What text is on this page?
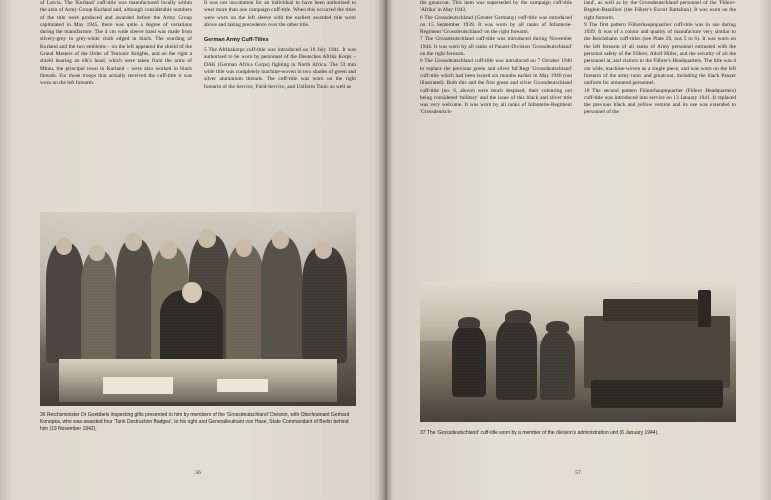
of Latvia. The 'Kurland' cuff-title was manufactured locally within the area of Army Group Kurland and, although considerable numbers of the title were produced and awarded before the Army Group capitulated in May 1945, there was quite a degree of variations during the manufacture. The 4 cm wide sleeve band was made from silvery-grey to grey-white cloth edged in black. The wording of Kurland and the two emblems – on the left appeared the shield of the Grand Masters of the Order of Teutonic Knights, and on the right a shield bearing an elk's head, which were taken from the arms of Mitau, the principal town in Kurland – were also worked in black threads. For those troops that actually received the cuff-title it was worn on the left forearm.

It was not uncommon for an individual to have been authorised to wear more than one campaign cuff-title. When this occurred the titles were worn on the left sleeve with the earliest awarded title worn above and taking precedence over the other title.

German Army Cuff-Titles

5 The Afrikakorps cuff-title was introduced on 18 July 1941. It was authorised to be worn by personnel of the Deutsches Afrika Korps – DAK (German Africa Corps) fighting in North Africa. The 33 mm wide title was completely machine-woven in two shades of green and silver aluminium threads. The cuff-title was worn on the right forearm of the Service, Field-Service, and Uniform Tunic as well as

36 Reichsminister Dr Goebbels inspecting gifts presented to him by members of the 'Grossdeutschland' Division, with Oberleutnant Gerhard Konopka, who was awarded four 'Tank Destruction Badges', to his right and Generalleutnant von Hase, State Commandant of Berlin behind him (19 November 1942).
56

the greatcoat. This item was superseded by the campaign cuff-title 'Afrika' in May 1943.

6 The Grossdeutschland (Greater Germany) cuff-title was introduced on 15 September 1939. It was worn by all ranks of Infanterie-Regiment 'Grossdeutschland' on the right forearm.

7 The Grossdeutschland cuff-title was introduced during November 1944. It was worn by all ranks of Panzer-Division 'Grossdeutschland' on the right forearm.

8 The Grossdeutschland cuff-title was introduced on 7 October 1940 to replace the previous green and silver Inf.Regt 'Grossdeutschland' cuff-title which had been issued six months earlier in May 1940 (not illustrated). Both this and the first green and silver Grossdeutschland cuff-title (no. 6, above) were much despised, their colouring not being considered 'military' and the issue of this black and silver title was very welcome. It was worn by all ranks of Infanterie-Regiment 'Grossdeutsch-

land', as well as by the Grossdeutschland personnel of the 'Führer-Begleit-Bataillon' (the Führer's Escort Battalion). It was worn on the right forearm.

9 The first pattern Führerhauptquartier cuff-title was in use during 1939. It was of a colour and quality of manufacture very similar to the Reichsbahn cuff-titles (see Plate 29, nos 5 to 6). It was worn on the left forearm of all ranks of Army personnel entrusted with the personal safety of the Führer, Adolf Hitler, and the security of all the personnel at, and visitors to the Führer's Headquarters. The title was 4 cm wide, machine-woven as a single piece, and was worn on the left forearm of the army tunic and greatcoat, including the black Panzer uniform for armoured personnel.

10 The second pattern Führerhauptquartier (Führer Headquarters) cuff-title was introduced into service on 13 January 1941. It replaced the previous black and yellow version and its use was extended to personnel of the

37 The 'Grossdeutschland' cuff-title worn by a member of the division's administration unit (6 January 1944).
57
